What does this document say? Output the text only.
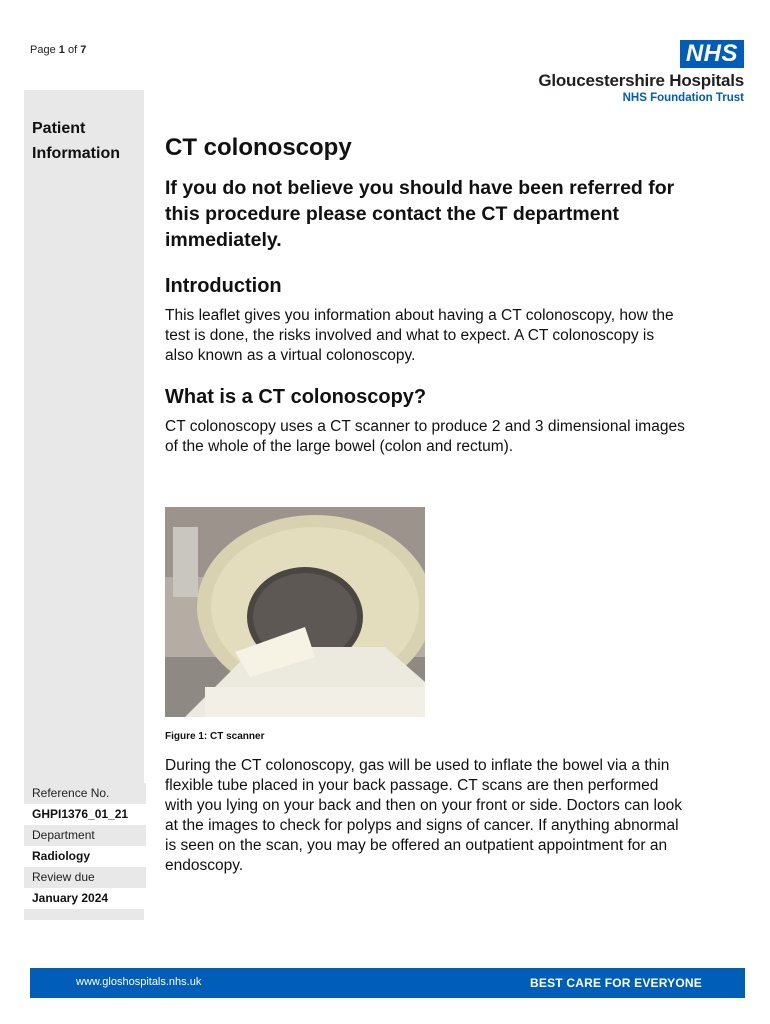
Page 1 of 7	NHS
Gloucestershire Hospitals
NHS Foundation Trust
Patient
Information
Reference No.
GHPI1376_01_21
Department
Radiology
Review due
January 2024
CT colonoscopy
If you do not believe you should have been referred for this procedure please contact the CT department immediately.
Introduction

This leaflet gives you information about having a CT colonoscopy, how the test is done, the risks involved and what to expect. A CT colonoscopy is also known as a virtual colonoscopy.

What is a CT colonoscopy?

CT colonoscopy uses a CT scanner to produce 2 and 3 dimensional images of the whole of the large bowel (colon and rectum).

Figure 1: CT scanner

During the CT colonoscopy, gas will be used to inflate the bowel via a thin flexible tube placed in your back passage. CT scans are then performed with you lying on your back and then on your front or side. Doctors can look at the images to check for polyps and signs of cancer. If anything abnormal is seen on the scan, you may be offered an outpatient appointment for an endoscopy.

www.gloshospitals.nhs.uk	BEST CARE FOR EVERYONE
